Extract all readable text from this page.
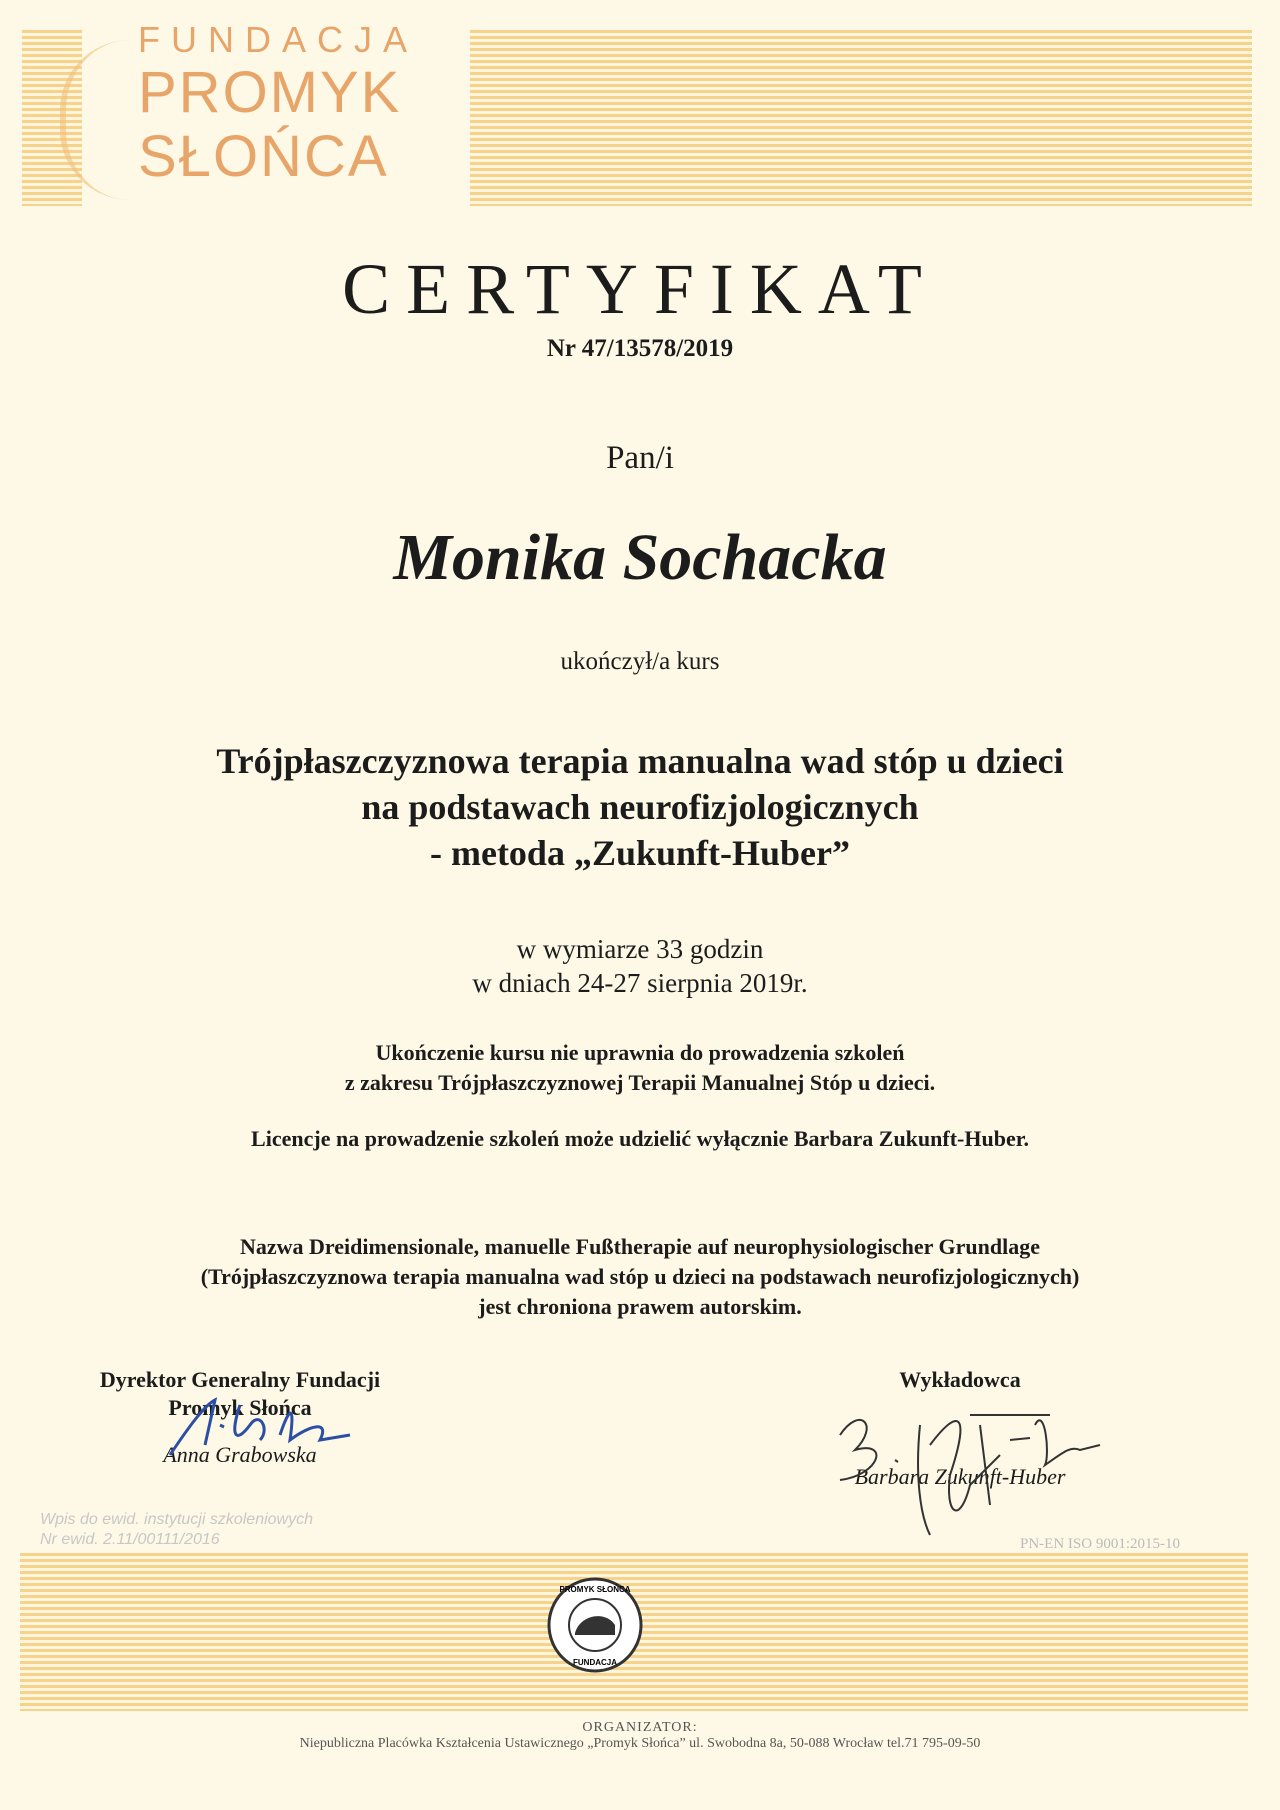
FUNDACJA
PROMYK
SŁOŃCA
CERTYFIKAT
Nr 47/13578/2019
Pan/i
Monika Sochacka
ukończył/a kurs
Trójpłaszczyznowa terapia manualna wad stóp u dzieci
na podstawach neurofizjologicznych
- metoda „Zukunft-Huber”
w wymiarze 33 godzin
w dniach 24-27 sierpnia 2019r.
Ukończenie kursu nie uprawnia do prowadzenia szkoleń
z zakresu Trójpłaszczyznowej Terapii Manualnej Stóp u dzieci.
Licencje na prowadzenie szkoleń może udzielić wyłącznie Barbara Zukunft-Huber.
Nazwa Dreidimensionale, manuelle Fußtherapie auf neurophysiologischer Grundlage
(Trójpłaszczyznowa terapia manualna wad stóp u dzieci na podstawach neurofizjologicznych)
jest chroniona prawem autorskim.
Dyrektor Generalny Fundacji
Promyk Słońca
Anna Grabowska
Wykładowca
Barbara Zukunft-Huber
Wpis do ewid. instytucji szkoleniowych
Nr ewid. 2.11/00111/2016	PN-EN ISO 9001:2015-10
PROMYK SŁOŃCA
FUNDACJA
ORGANIZATOR:
Niepubliczna Placówka Kształcenia Ustawicznego „Promyk Słońca” ul. Swobodna 8a, 50-088 Wrocław tel.71 795-09-50
